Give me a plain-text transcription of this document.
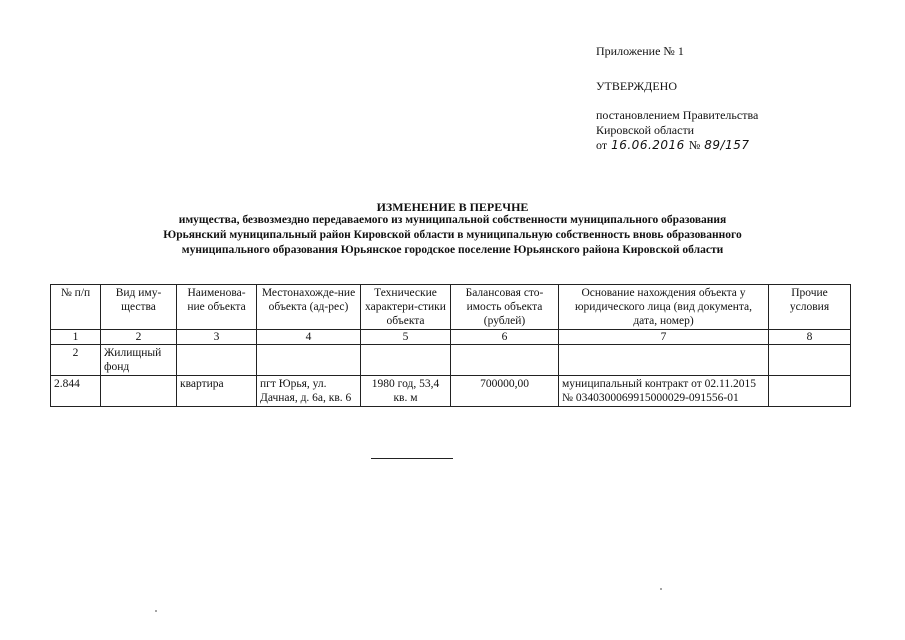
Приложение № 1
УТВЕРЖДЕНО
постановлением Правительства
Кировской области
от 16.06.2016 № 89/157
ИЗМЕНЕНИЕ В ПЕРЕЧНЕ
имущества, безвозмездно передаваемого из муниципальной собственности муниципального образования
Юрьянский муниципальный район Кировской области в муниципальную собственность вновь образованного
муниципального образования Юрьянское городское поселение Юрьянского района Кировской области
№ п/п	Вид иму-щества	Наименова-ние объекта	Местонахожде-ние объекта (ад-рес)	Технические характери-стики объекта	Балансовая сто-имость объекта (рублей)	Основание нахождения объекта у юридического лица (вид документа, дата, номер)	Прочие условия
1	2	3	4	5	6	7	8
2	Жилищный фонд						
2.844		квартира	пгт Юрья, ул. Дачная, д. 6а, кв. 6	1980 год, 53,4 кв. м	700000,00	муниципальный контракт от 02.11.2015 № 0340300069915000029-091556-01	
